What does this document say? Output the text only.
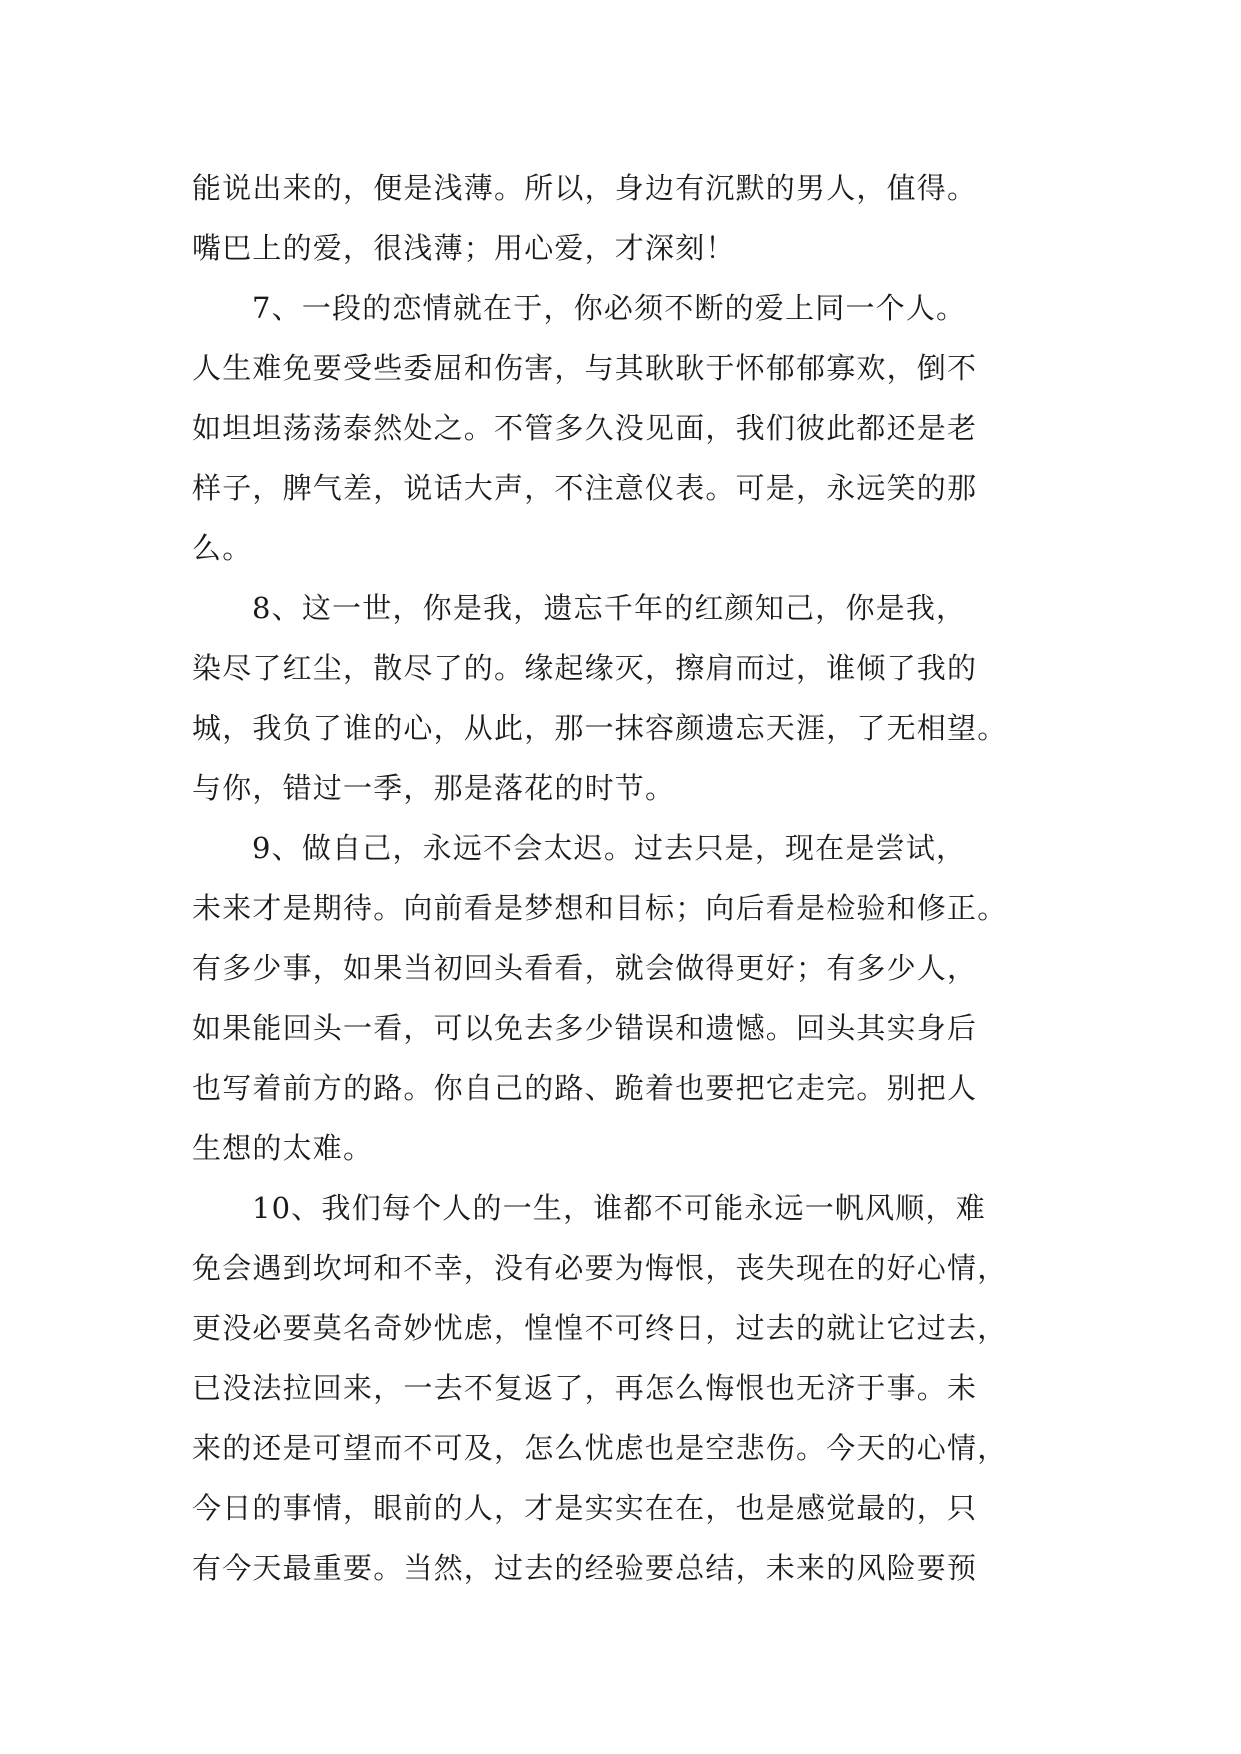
能说出来的，便是浅薄。所以，身边有沉默的男人，值得。
嘴巴上的爱，很浅薄；用心爱，才深刻！
7、一段的恋情就在于，你必须不断的爱上同一个人。
人生难免要受些委屈和伤害，与其耿耿于怀郁郁寡欢，倒不
如坦坦荡荡泰然处之。不管多久没见面，我们彼此都还是老
样子，脾气差，说话大声，不注意仪表。可是，永远笑的那
么。
8、这一世，你是我，遗忘千年的红颜知己，你是我，
染尽了红尘，散尽了的。缘起缘灭，擦肩而过，谁倾了我的
城，我负了谁的心，从此，那一抹容颜遗忘天涯，了无相望。
与你，错过一季，那是落花的时节。
9、做自己，永远不会太迟。过去只是，现在是尝试，
未来才是期待。向前看是梦想和目标；向后看是检验和修正。
有多少事，如果当初回头看看，就会做得更好；有多少人，
如果能回头一看，可以免去多少错误和遗憾。回头其实身后
也写着前方的路。你自己的路、跪着也要把它走完。别把人
生想的太难。
10、我们每个人的一生，谁都不可能永远一帆风顺，难
免会遇到坎坷和不幸，没有必要为悔恨，丧失现在的好心情，
更没必要莫名奇妙忧虑，惶惶不可终日，过去的就让它过去，
已没法拉回来，一去不复返了，再怎么悔恨也无济于事。未
来的还是可望而不可及，怎么忧虑也是空悲伤。今天的心情，
今日的事情，眼前的人，才是实实在在，也是感觉最的，只
有今天最重要。当然，过去的经验要总结，未来的风险要预
